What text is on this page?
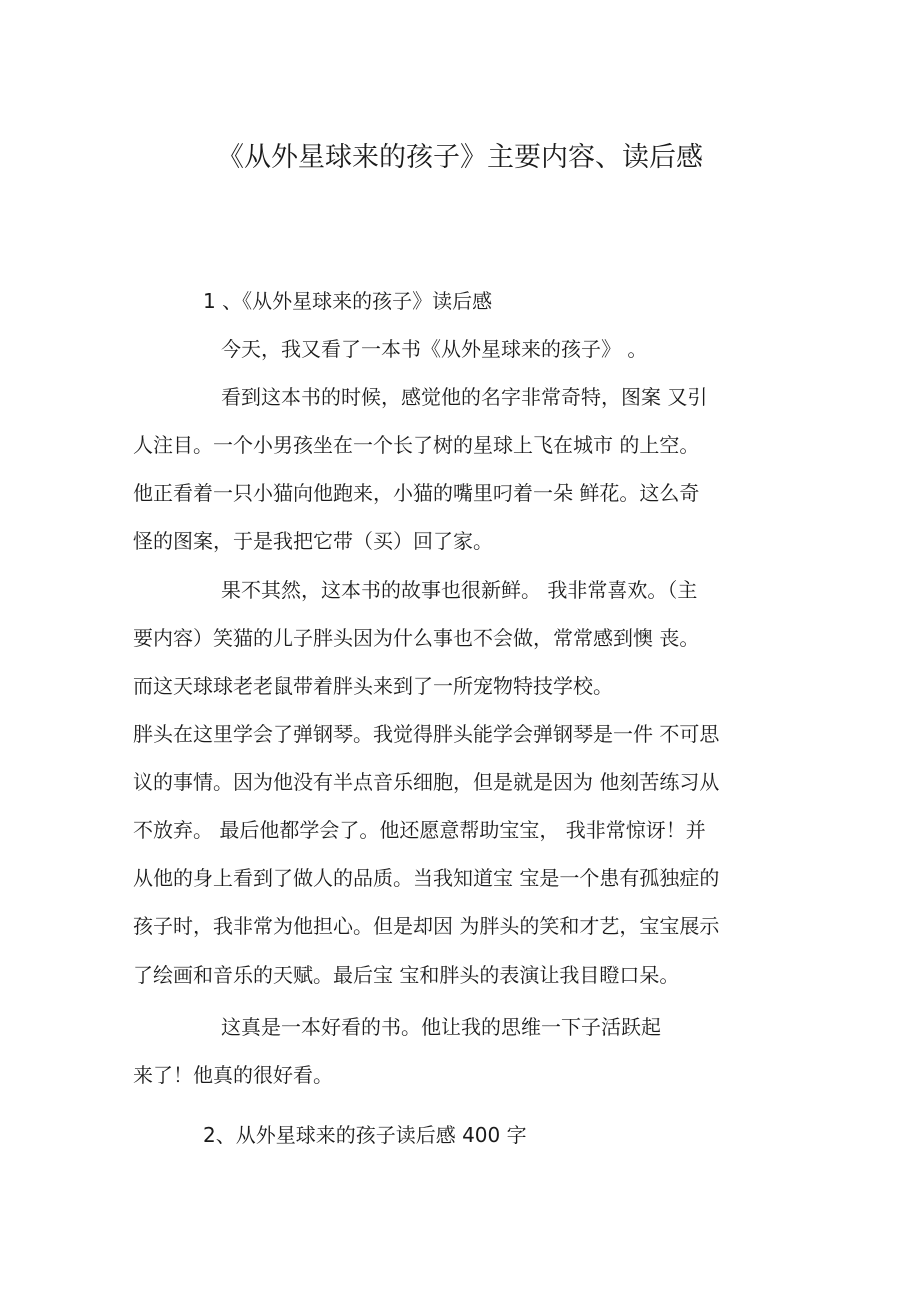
《从外星球来的孩子》主要内容、读后感
1 、《从外星球来的孩子》读后感
今天，我又看了一本书《从外星球来的孩子》 。
看到这本书的时候，感觉他的名字非常奇特，图案 又引
人注目。一个小男孩坐在一个长了树的星球上飞在城市 的上空。
他正看着一只小猫向他跑来，小猫的嘴里叼着一朵 鲜花。这么奇
怪的图案，于是我把它带（买）回了家。
果不其然，这本书的故事也很新鲜。 我非常喜欢。（主
要内容）笑猫的儿子胖头因为什么事也不会做，常常感到懊 丧。
而这天球球老老鼠带着胖头来到了一所宠物特技学校。
胖头在这里学会了弹钢琴。我觉得胖头能学会弹钢琴是一件 不可思
议的事情。因为他没有半点音乐细胞，但是就是因为 他刻苦练习从
不放弃。 最后他都学会了。他还愿意帮助宝宝， 我非常惊讶！并
从他的身上看到了做人的品质。当我知道宝 宝是一个患有孤独症的
孩子时，我非常为他担心。但是却因 为胖头的笑和才艺，宝宝展示
了绘画和音乐的天赋。最后宝 宝和胖头的表演让我目瞪口呆。
这真是一本好看的书。他让我的思维一下子活跃起
来了！他真的很好看。
2、从外星球来的孩子读后感 400 字
